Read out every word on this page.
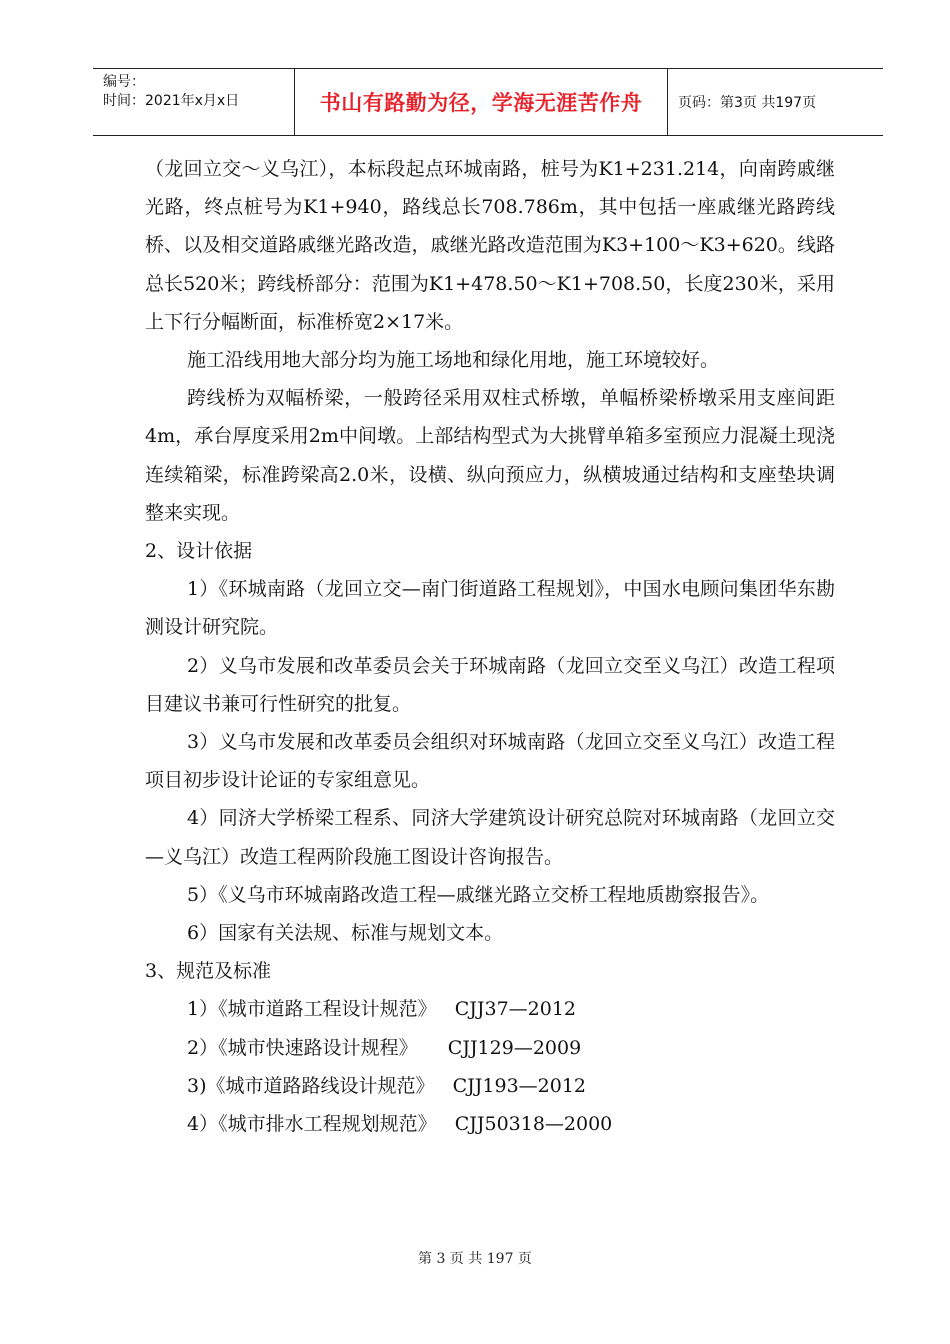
编号：
时间：2021年x月x日	书山有路勤为径，学海无涯苦作舟	页码：第3页 共197页

（龙回立交～义乌江），本标段起点环城南路，桩号为K1+231.214，向南跨戚继光路，终点桩号为K1+940，路线总长708.786m，其中包括一座戚继光路跨线桥、以及相交道路戚继光路改造，戚继光路改造范围为K3+100～K3+620。线路总长520米；跨线桥部分：范围为K1+478.50～K1+708.50，长度230米，采用上下行分幅断面，标准桥宽2×17米。

施工沿线用地大部分均为施工场地和绿化用地，施工环境较好。

跨线桥为双幅桥梁，一般跨径采用双柱式桥墩，单幅桥梁桥墩采用支座间距4m，承台厚度采用2m中间墩。上部结构型式为大挑臂单箱多室预应力混凝土现浇连续箱梁，标准跨梁高2.0米，设横、纵向预应力，纵横坡通过结构和支座垫块调整来实现。

2、设计依据

1）《环城南路（龙回立交—南门街道路工程规划》，中国水电顾问集团华东勘测设计研究院。

2）义乌市发展和改革委员会关于环城南路（龙回立交至义乌江）改造工程项目建议书兼可行性研究的批复。

3）义乌市发展和改革委员会组织对环城南路（龙回立交至义乌江）改造工程项目初步设计论证的专家组意见。

4）同济大学桥梁工程系、同济大学建筑设计研究总院对环城南路（龙回立交—义乌江）改造工程两阶段施工图设计咨询报告。

5）《义乌市环城南路改造工程—戚继光路立交桥工程地质勘察报告》。

6）国家有关法规、标准与规划文本。

3、规范及标准

1）《城市道路工程设计规范》   CJJ37—2012

2）《城市快速路设计规程》     CJJ129—2009

3)《城市道路路线设计规范》   CJJ193—2012

4）《城市排水工程规划规范》   CJJ50318—2000

第 3 页 共 197 页
